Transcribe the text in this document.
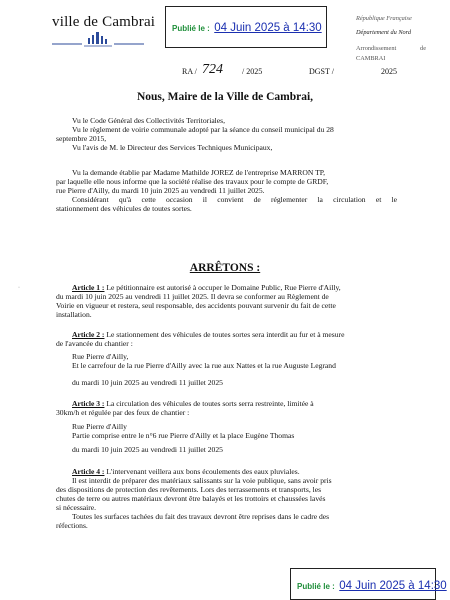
ville de Cambrai Publié le : 04 Juin 2025 à 14:30
République Française
Département du Nord
Arrondissement de
CAMBRAI
RA / 724 / 2025	DGST /	2025
Nous, Maire de la Ville de Cambrai,
Vu le Code Général des Collectivités Territoriales,
Vu le règlement de voirie communale adopté par la séance du conseil municipal du 28
septembre 2015,
Vu l'avis de M. le Directeur des Services Techniques Municipaux,
Vu la demande établie par Madame Mathilde JOREZ de l'entreprise MARRON TP,
par laquelle elle nous informe que la société réalise des travaux pour le compte de GRDF,
rue Pierre d'Ailly, du mardi 10 juin 2025 au vendredi 11 juillet 2025.
Considérant qu'à cette occasion il convient de réglementer la circulation et le
stationnement des véhicules de toutes sortes.
ARRÊTONS :
·	Article 1 : Le pétitionnaire est autorisé à occuper le Domaine Public, Rue Pierre d'Ailly,
du mardi 10 juin 2025 au vendredi 11 juillet 2025. Il devra se conformer au Règlement de
Voirie en vigueur et restera, seul responsable, des accidents pouvant survenir du fait de cette
installation.
Article 2 : Le stationnement des véhicules de toutes sortes sera interdit au fur et à mesure
de l'avancée du chantier :
Rue Pierre d'Ailly,
Et le carrefour de la rue Pierre d'Ailly avec la rue aux Nattes et la rue Auguste Legrand
du mardi 10 juin 2025 au vendredi 11 juillet 2025
Article 3 : La circulation des véhicules de toutes sorts serra restreinte, limitée à
30km/h et régulée par des feux de chantier :
Rue Pierre d'Ailly
Partie comprise entre le n°6 rue Pierre d'Ailly et la place Eugène Thomas
du mardi 10 juin 2025 au vendredi 11 juillet 2025
Article 4 : L'intervenant veillera aux bons écoulements des eaux pluviales.
Il est interdit de préparer des matériaux salissants sur la voie publique, sans avoir pris
des dispositions de protection des revêtements. Lors des terrassements et transports, les
chutes de terre ou autres matériaux devront être balayés et les trottoirs et chaussées lavés
si nécessaire.
Toutes les surfaces tachées du fait des travaux devront être reprises dans le cadre des
réfections.
Publié le : 04 Juin 2025 à 14:30
